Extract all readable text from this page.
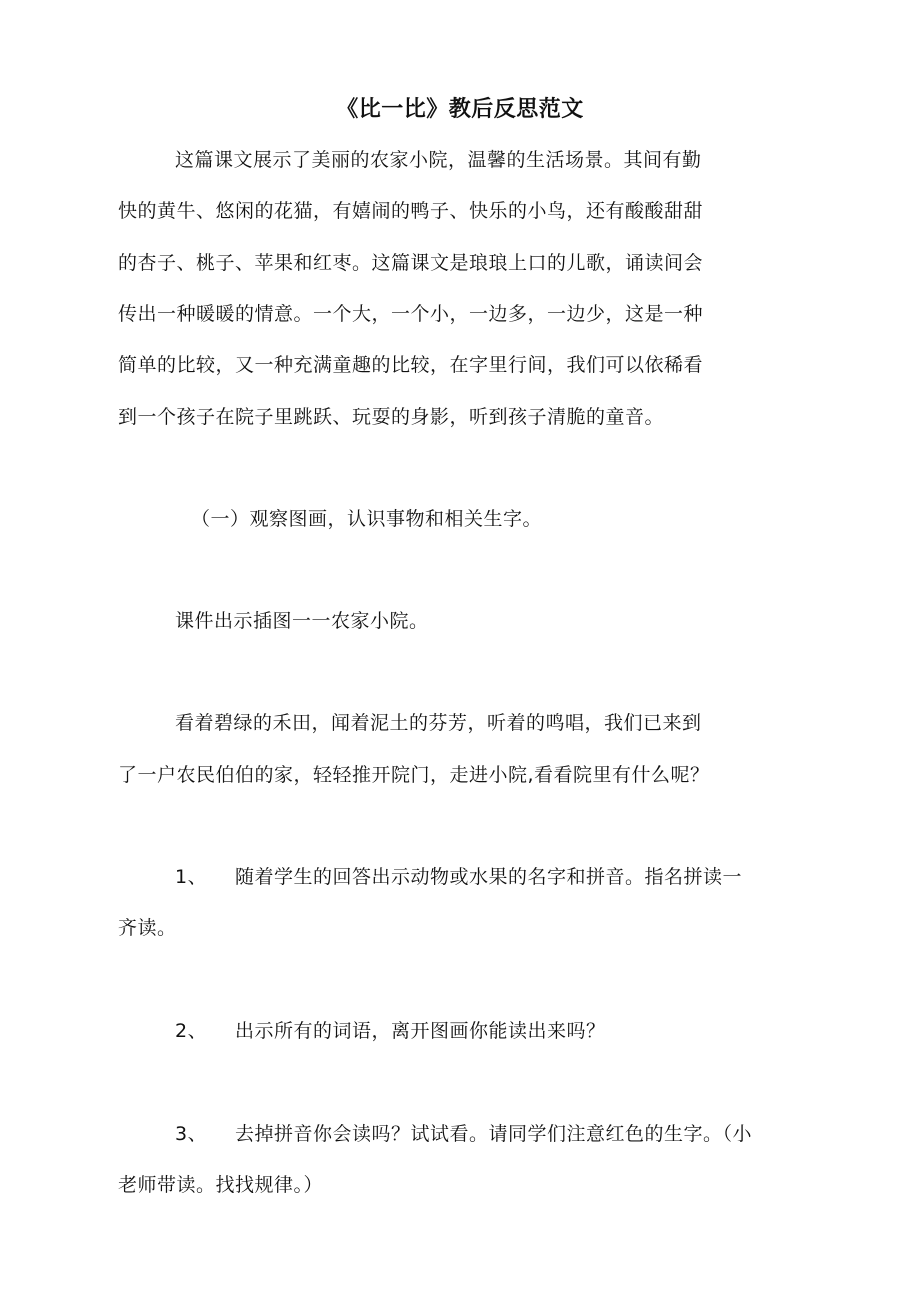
《比一比》教后反思范文
这篇课文展示了美丽的农家小院，温馨的生活场景。其间有勤
快的黄牛、悠闲的花猫，有嬉闹的鸭子、快乐的小鸟，还有酸酸甜甜
的杏子、桃子、苹果和红枣。这篇课文是琅琅上口的儿歌，诵读间会
传出一种暖暖的情意。一个大，一个小，一边多，一边少，这是一种
简单的比较，又一种充满童趣的比较，在字里行间，我们可以依稀看
到一个孩子在院子里跳跃、玩耍的身影，听到孩子清脆的童音。
（一）观察图画，认识事物和相关生字。
课件出示插图一一农家小院。
看着碧绿的禾田，闻着泥土的芬芳，听着的鸣唱，我们已来到
了一户农民伯伯的家，轻轻推开院门，走进小院,看看院里有什么呢？
1、 随着学生的回答出示动物或水果的名字和拼音。指名拼读一
齐读。
2、 出示所有的词语，离开图画你能读出来吗？
3、 去掉拼音你会读吗？试试看。请同学们注意红色的生字。（小
老师带读。找找规律。）
